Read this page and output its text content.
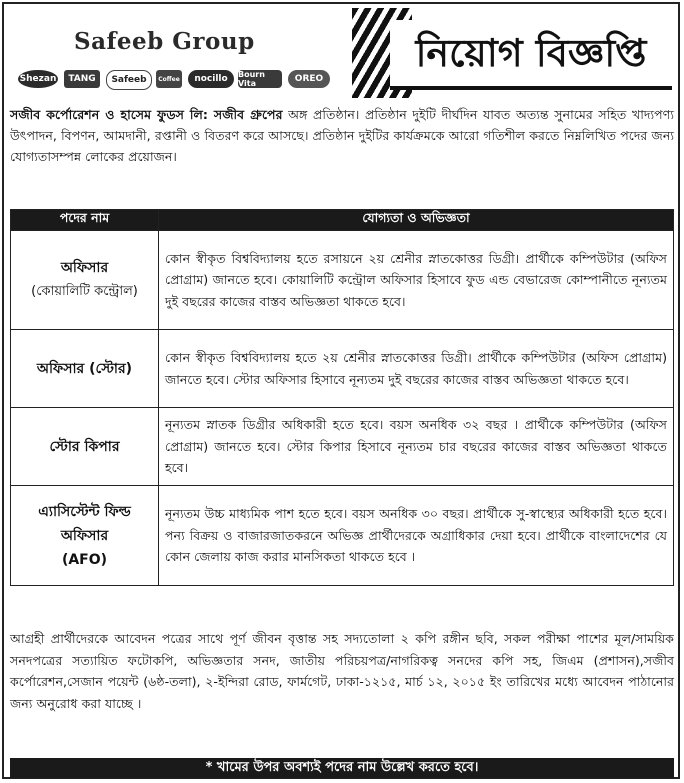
Safeeb Group
Shezan TANG Safeeb Coffee nocillo Bourn Vita	OREO
নিয়োগ বিজ্ঞপ্তি
সজীব কর্পোরেশন ও হাসেম ফুডস লি: সজীব গ্রুপের অঙ্গ প্রতিষ্ঠান। প্রতিষ্ঠান দুইটি দীর্ঘদিন যাবত অত্যন্ত সুনামের সহিত খাদ্যপণ্য উৎপাদন, বিপণন, আমদানী, রপ্তানী ও বিতরণ করে আসছে। প্রতিষ্ঠান দুইটির কার্যক্রমকে আরো গতিশীল করতে নিম্নলিখিত পদের জন্য যোগ্যতাসম্পন্ন লোকের প্রয়োজন।
পদের নাম	যোগ্যতা ও অভিজ্ঞতা

অফিসার
(কোয়ালিটি কন্ট্রোল)	কোন স্বীকৃত বিশ্ববিদ্যালয় হতে রসায়নে ২য় শ্রেনীর স্নাতকোত্তর ডিগ্রী। প্রার্থীকে কম্পিউটার (অফিস প্রোগ্রাম) জানতে হবে। কোয়ালিটি কন্ট্রোল অফিসার হিসাবে ফুড এন্ড বেভারেজ কোম্পানীতে নূন্যতম দুই বছরের কাজের বাস্তব অভিজ্ঞতা থাকতে হবে।

অফিসার (স্টোর)	কোন স্বীকৃত বিশ্ববিদ্যালয় হতে ২য় শ্রেনীর স্নাতকোত্তর ডিগ্রী। প্রার্থীকে কম্পিউটার (অফিস প্রোগ্রাম) জানতে হবে। স্টোর অফিসার হিসাবে নূন্যতম দুই বছরের কাজের বাস্তব অভিজ্ঞতা থাকতে হবে।

স্টোর কিপার	নূন্যতম স্নাতক ডিগ্রীর অধিকারী হতে হবে। বয়স অনধিক ৩২ বছর । প্রার্থীকে কম্পিউটার (অফিস প্রোগ্রাম) জানতে হবে। স্টোর কিপার হিসাবে নূন্যতম চার বছরের কাজের বাস্তব অভিজ্ঞতা থাকতে হবে।

এ্যাসিস্টেন্ট ফিল্ড অফিসার
(AFO)	নূন্যতম উচ্চ মাধ্যমিক পাশ হতে হবে। বয়স অনধিক ৩০ বছর। প্রার্থীকে সু-স্বাস্থ্যের অধিকারী হতে হবে। পন্য বিক্রয় ও বাজারজাতকরনে অভিজ্ঞ প্রার্থীদেরকে অগ্রাধিকার দেয়া হবে। প্রার্থীকে বাংলাদেশের যে কোন জেলায় কাজ করার মানসিকতা থাকতে হবে ।
আগ্রহী প্রার্থীদেরকে আবেদন পত্রের সাথে পূর্ণ জীবন বৃত্তান্ত সহ সদ্যতোলা ২ কপি রঙ্গীন ছবি, সকল পরীক্ষা পাশের মূল/সাময়িক সনদপত্রের সত্যায়িত ফটোকপি, অভিজ্ঞতার সনদ, জাতীয় পরিচয়পত্র/নাগরিকত্ব সনদের কপি সহ, জিএম (প্রশাসন),সজীব কর্পোরেশন,সেজান পয়েন্ট (৬ষ্ঠ-তলা), ২-ইন্দিরা রোড, ফার্মগেট, ঢাকা-১২১৫, মার্চ ১২, ২০১৫ ইং তারিখের মধ্যে আবেদন পাঠানোর জন্য অনুরোধ করা যাচ্ছে ।
* খামের উপর অবশ্যই পদের নাম উল্লেখ করতে হবে।
